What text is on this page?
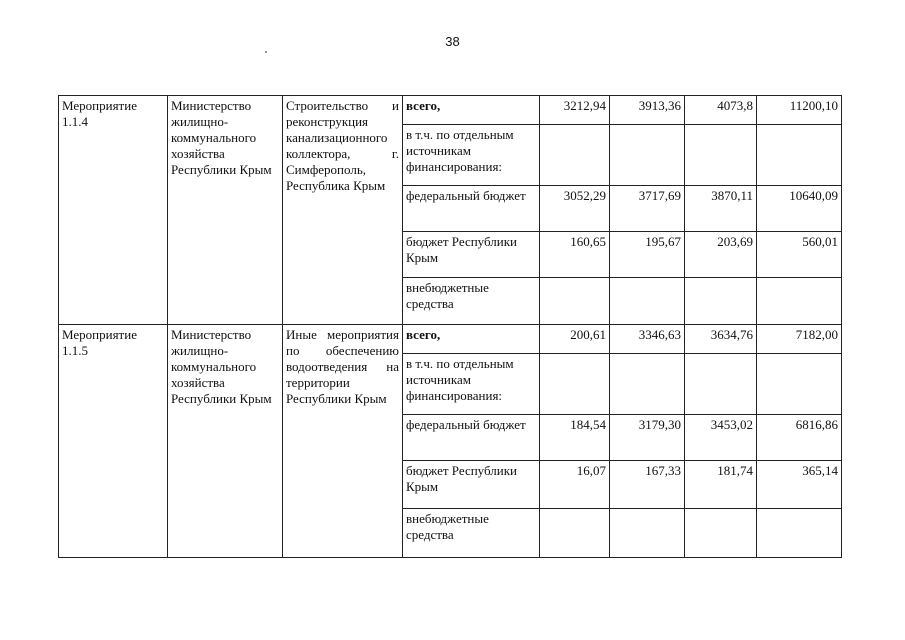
38
Мероприятие 1.1.4	Министерство жилищно-коммунального хозяйства Республики Крым	Строительство и реконструкция канализационного коллектора, г. Симферополь, Республика Крым	всего,	3212,94	3913,36	4073,8	11200,10
			в т.ч. по отдельным источникам финансирования:				
			федеральный бюджет	3052,29	3717,69	3870,11	10640,09
			бюджет Республики Крым	160,65	195,67	203,69	560,01
			внебюджетные средства				
Мероприятие 1.1.5	Министерство жилищно-коммунального хозяйства Республики Крым	Иные мероприятия по обеспечению водоотведения на территории Республики Крым	всего,	200,61	3346,63	3634,76	7182,00
			в т.ч. по отдельным источникам финансирования:				
			федеральный бюджет	184,54	3179,30	3453,02	6816,86
			бюджет Республики Крым	16,07	167,33	181,74	365,14
			внебюджетные средства				
